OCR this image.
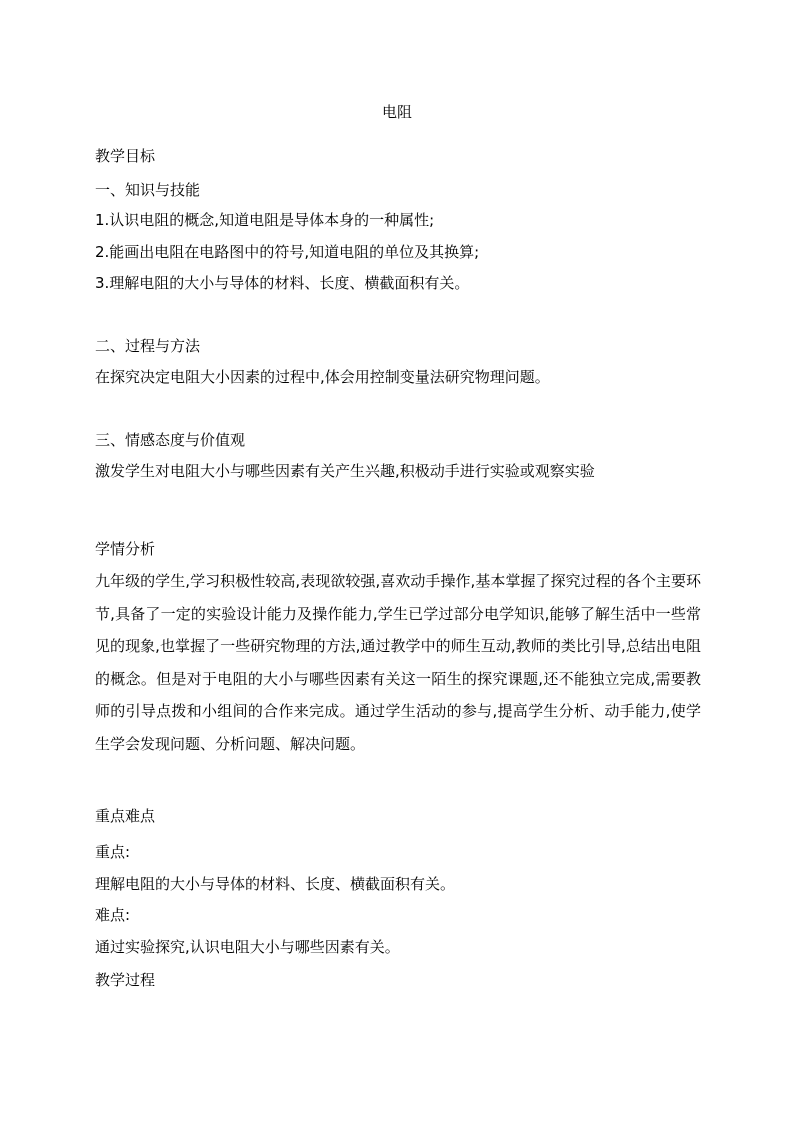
电阻
教学目标
一、知识与技能
1.认识电阻的概念,知道电阻是导体本身的一种属性;
2.能画出电阻在电路图中的符号,知道电阻的单位及其换算;
3.理解电阻的大小与导体的材料、长度、横截面积有关。
二、过程与方法
在探究决定电阻大小因素的过程中,体会用控制变量法研究物理问题。
三、情感态度与价值观
激发学生对电阻大小与哪些因素有关产生兴趣,积极动手进行实验或观察实验
学情分析
九年级的学生,学习积极性较高,表现欲较强,喜欢动手操作,基本掌握了探究过程的各个主要环节,具备了一定的实验设计能力及操作能力,学生已学过部分电学知识,能够了解生活中一些常见的现象,也掌握了一些研究物理的方法,通过教学中的师生互动,教师的类比引导,总结出电阻的概念。但是对于电阻的大小与哪些因素有关这一陌生的探究课题,还不能独立完成,需要教师的引导点拨和小组间的合作来完成。通过学生活动的参与,提高学生分析、动手能力,使学生学会发现问题、分析问题、解决问题。
重点难点
重点:
理解电阻的大小与导体的材料、长度、横截面积有关。
难点:
通过实验探究,认识电阻大小与哪些因素有关。
教学过程
